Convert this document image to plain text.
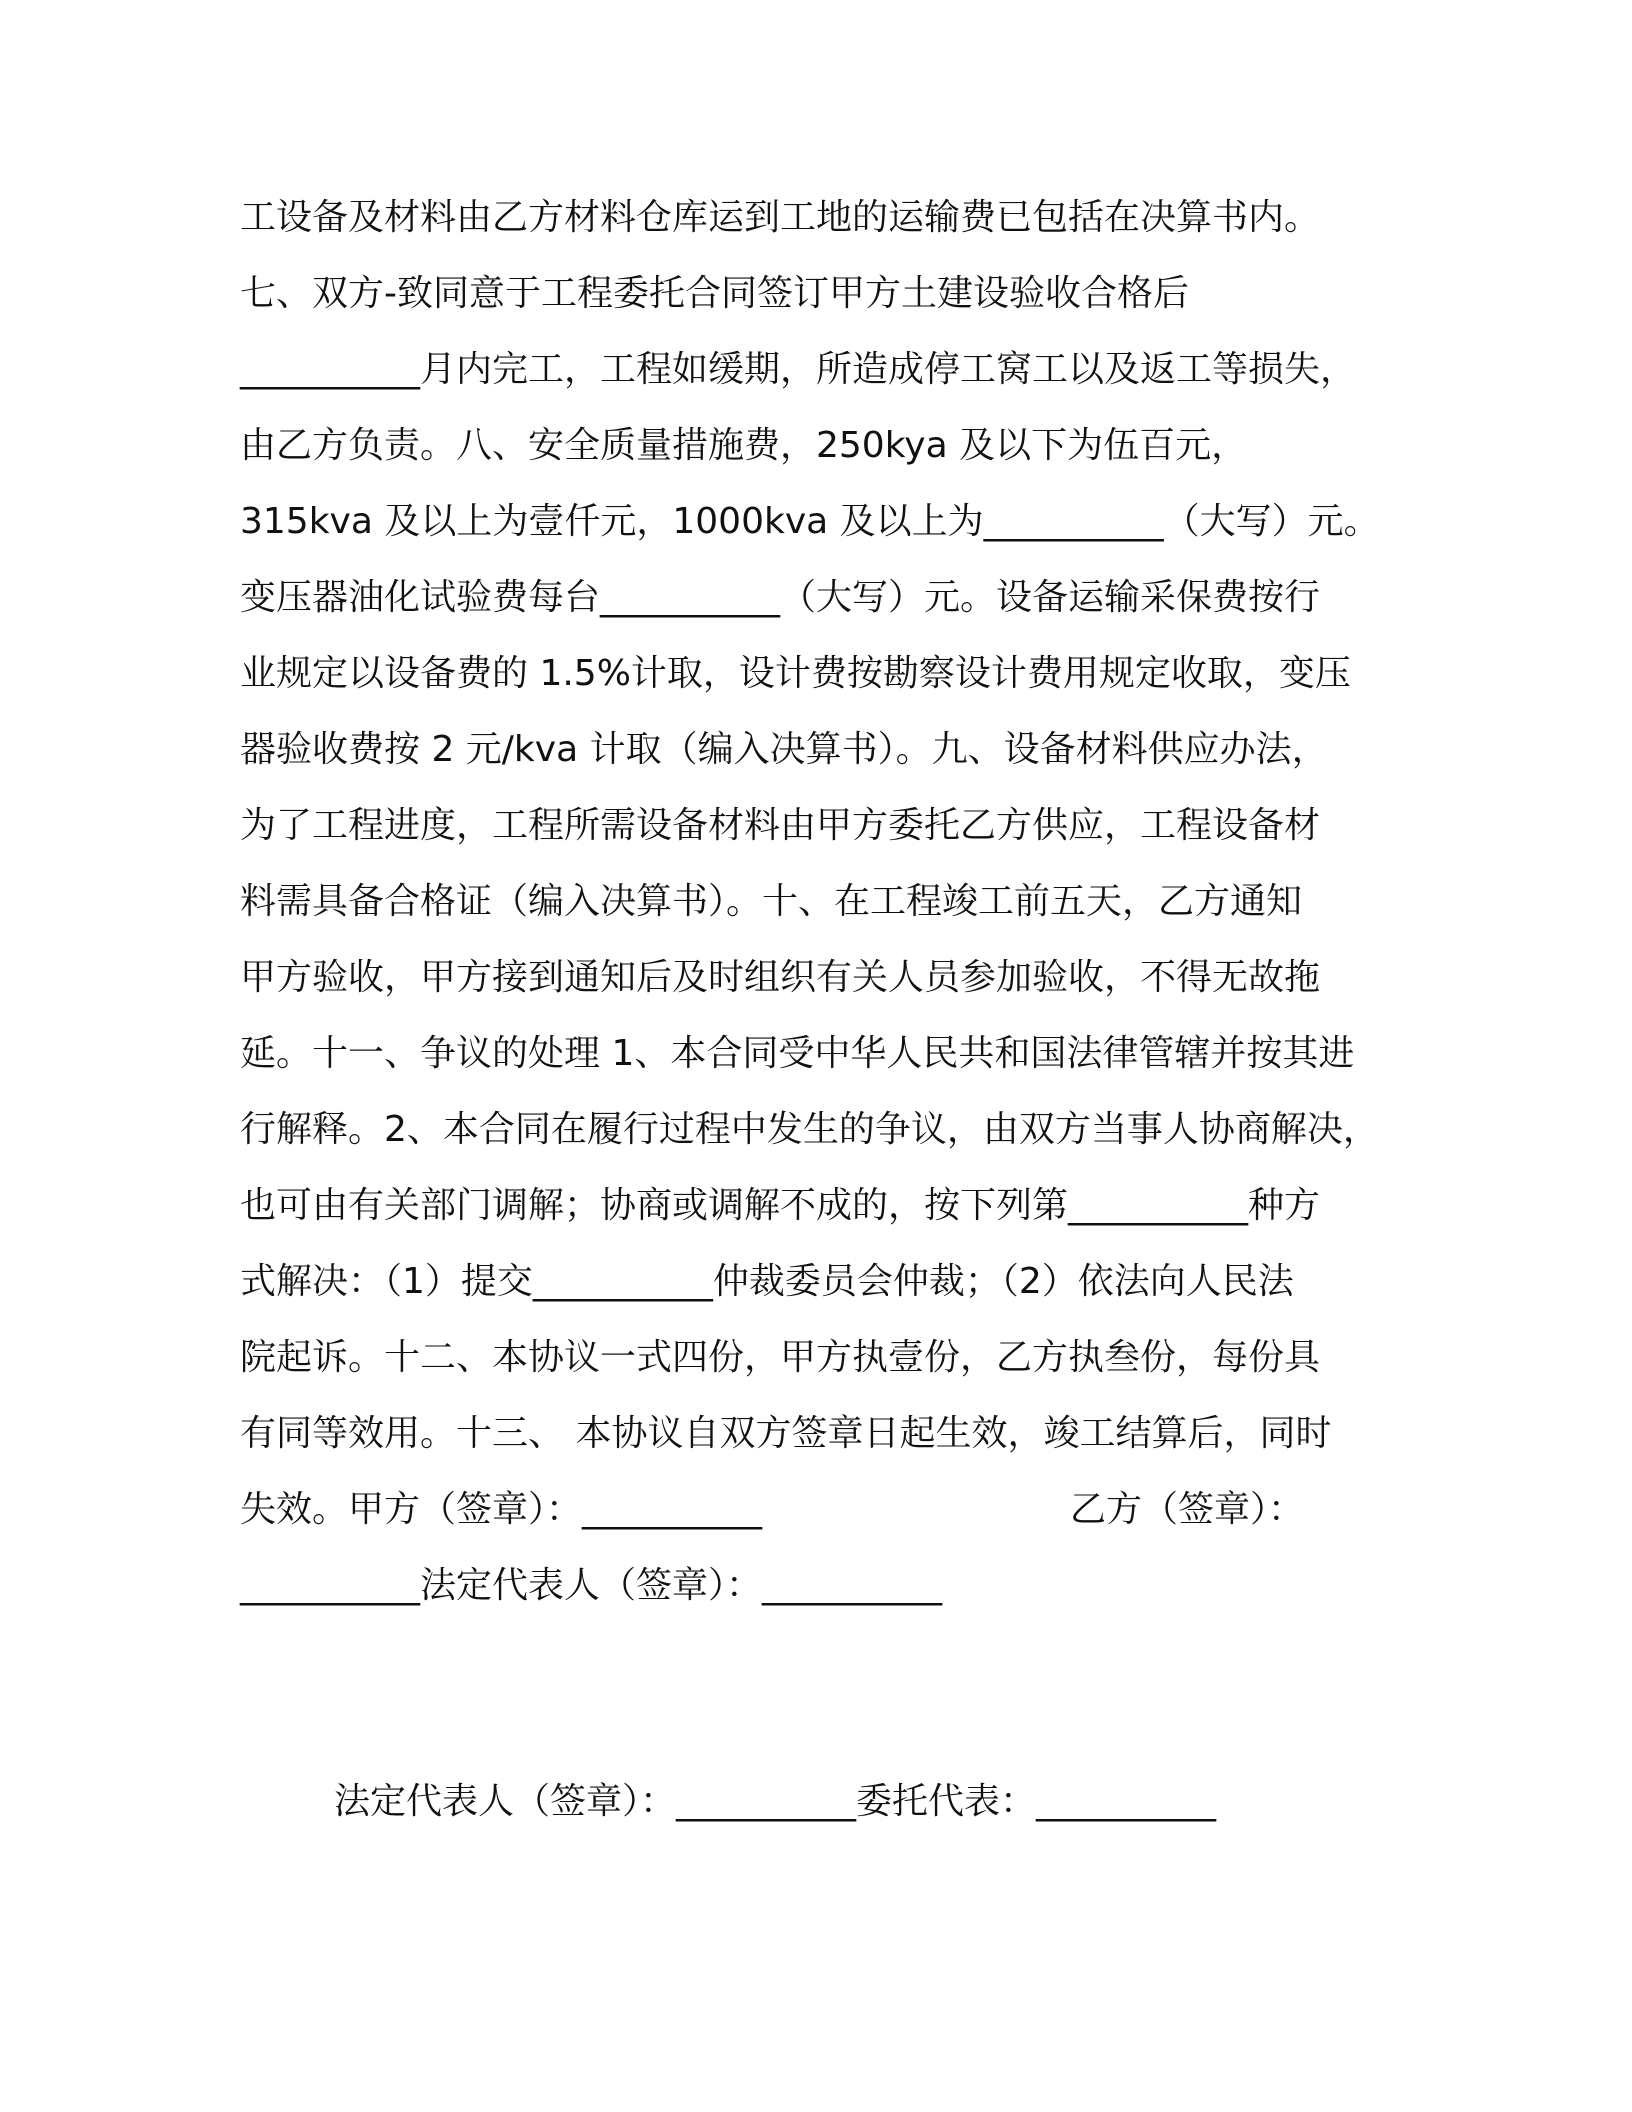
工设备及材料由乙方材料仓库运到工地的运输费已包括在决算书内。
七、双方-致同意于工程委托合同签订甲方土建设验收合格后
__________月内完工，工程如缓期，所造成停工窝工以及返工等损失，
由乙方负责。八、安全质量措施费，250kya 及以下为伍百元，
315kva 及以上为壹仟元，1000kva 及以上为__________（大写）元。
变压器油化试验费每台__________（大写）元。设备运输采保费按行
业规定以设备费的 1.5%计取，设计费按勘察设计费用规定收取，变压
器验收费按 2 元/kva 计取（编入决算书）。九、设备材料供应办法，
为了工程进度，工程所需设备材料由甲方委托乙方供应，工程设备材
料需具备合格证（编入决算书）。十、在工程竣工前五天，乙方通知
甲方验收，甲方接到通知后及时组织有关人员参加验收，不得无故拖
延。十一、争议的处理 1、本合同受中华人民共和国法律管辖并按其进
行解释。2、本合同在履行过程中发生的争议，由双方当事人协商解决，
也可由有关部门调解；协商或调解不成的，按下列第__________种方
式解决：（1）提交__________仲裁委员会仲裁；（2）依法向人民法
院起诉。十二、本协议一式四份，甲方执壹份，乙方执叁份，每份具
有同等效用。十三、 本协议自双方签章日起生效，竣工结算后，同时
失效。甲方（签章）：__________	乙方（签章）：
__________法定代表人（签章）：__________
法定代表人（签章）：__________委托代表：__________
